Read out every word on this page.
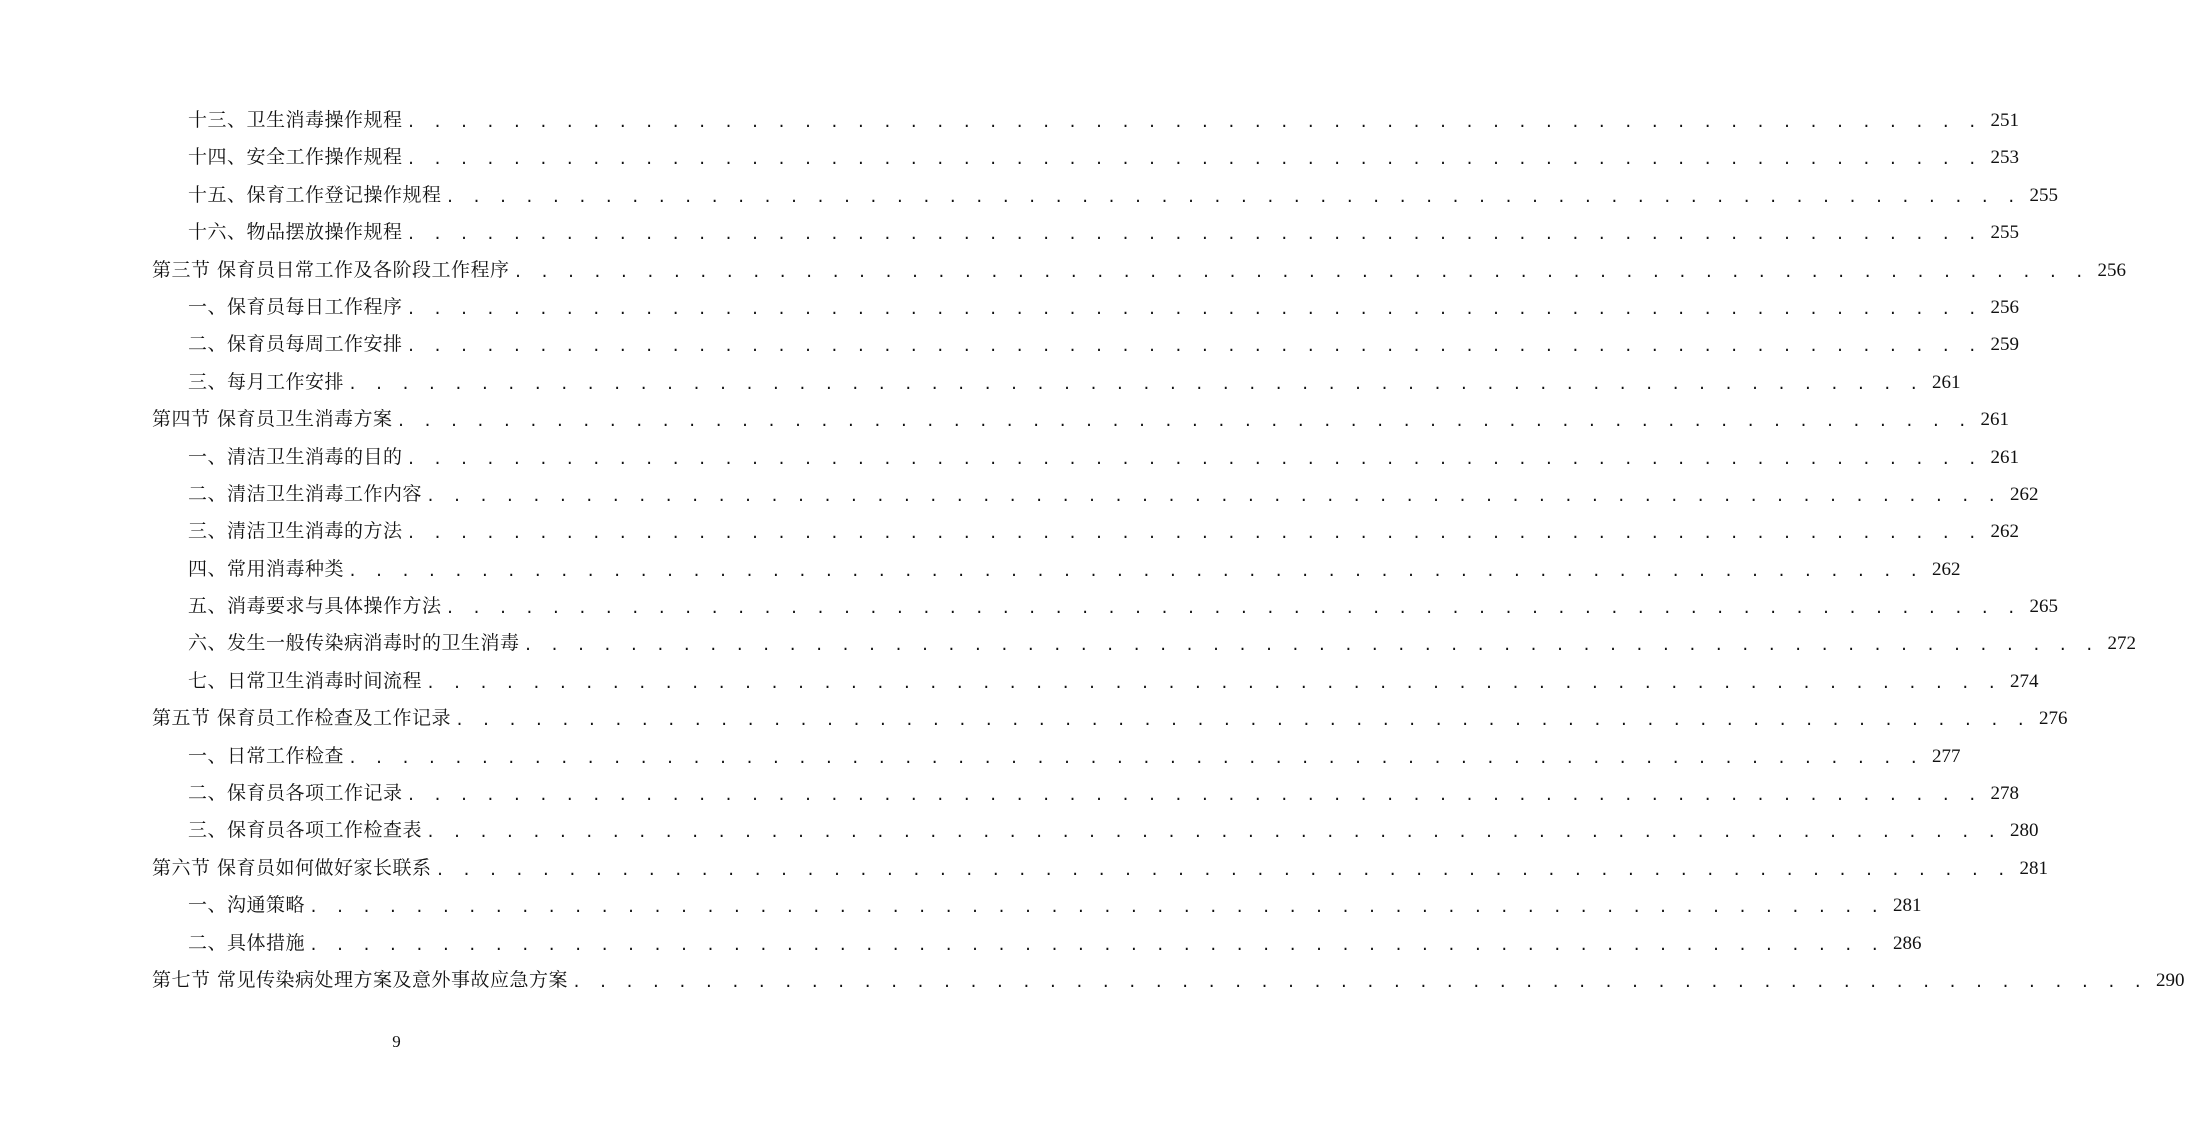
十三、卫生消毒操作规程 . . . . . . . . . . . . . . . . . . . . . . . . . . . . . . . . . . . . . . . . . . . . . . . . . . . . . . . . . . . . 251
十四、安全工作操作规程 . . . . . . . . . . . . . . . . . . . . . . . . . . . . . . . . . . . . . . . . . . . . . . . . . . . . . . . . . . . . 253
十五、保育工作登记操作规程 . . . . . . . . . . . . . . . . . . . . . . . . . . . . . . . . . . . . . . . . . . . . . . . . . . . . . . . . . . . . 255
十六、物品摆放操作规程 . . . . . . . . . . . . . . . . . . . . . . . . . . . . . . . . . . . . . . . . . . . . . . . . . . . . . . . . . . . . 255
第三节 保育员日常工作及各阶段工作程序 . . . . . . . . . . . . . . . . . . . . . . . . . . . . . . . . . . . . . . . . . . . . . . . . . . . . . . . . . . . . 256
一、保育员每日工作程序 . . . . . . . . . . . . . . . . . . . . . . . . . . . . . . . . . . . . . . . . . . . . . . . . . . . . . . . . . . . . 256
二、保育员每周工作安排 . . . . . . . . . . . . . . . . . . . . . . . . . . . . . . . . . . . . . . . . . . . . . . . . . . . . . . . . . . . . 259
三、每月工作安排 . . . . . . . . . . . . . . . . . . . . . . . . . . . . . . . . . . . . . . . . . . . . . . . . . . . . . . . . . . . . 261
第四节 保育员卫生消毒方案 . . . . . . . . . . . . . . . . . . . . . . . . . . . . . . . . . . . . . . . . . . . . . . . . . . . . . . . . . . . . 261
一、清洁卫生消毒的目的 . . . . . . . . . . . . . . . . . . . . . . . . . . . . . . . . . . . . . . . . . . . . . . . . . . . . . . . . . . . . 261
二、清洁卫生消毒工作内容 . . . . . . . . . . . . . . . . . . . . . . . . . . . . . . . . . . . . . . . . . . . . . . . . . . . . . . . . . . . . 262
三、清洁卫生消毒的方法 . . . . . . . . . . . . . . . . . . . . . . . . . . . . . . . . . . . . . . . . . . . . . . . . . . . . . . . . . . . . 262
四、常用消毒种类 . . . . . . . . . . . . . . . . . . . . . . . . . . . . . . . . . . . . . . . . . . . . . . . . . . . . . . . . . . . . 262
五、消毒要求与具体操作方法 . . . . . . . . . . . . . . . . . . . . . . . . . . . . . . . . . . . . . . . . . . . . . . . . . . . . . . . . . . . . 265
六、发生一般传染病消毒时的卫生消毒 . . . . . . . . . . . . . . . . . . . . . . . . . . . . . . . . . . . . . . . . . . . . . . . . . . . . . . . . . . . . 272
七、日常卫生消毒时间流程 . . . . . . . . . . . . . . . . . . . . . . . . . . . . . . . . . . . . . . . . . . . . . . . . . . . . . . . . . . . . 274
第五节 保育员工作检查及工作记录 . . . . . . . . . . . . . . . . . . . . . . . . . . . . . . . . . . . . . . . . . . . . . . . . . . . . . . . . . . . . 276
一、日常工作检查 . . . . . . . . . . . . . . . . . . . . . . . . . . . . . . . . . . . . . . . . . . . . . . . . . . . . . . . . . . . . 277
二、保育员各项工作记录 . . . . . . . . . . . . . . . . . . . . . . . . . . . . . . . . . . . . . . . . . . . . . . . . . . . . . . . . . . . . 278
三、保育员各项工作检查表 . . . . . . . . . . . . . . . . . . . . . . . . . . . . . . . . . . . . . . . . . . . . . . . . . . . . . . . . . . . . 280
第六节 保育员如何做好家长联系 . . . . . . . . . . . . . . . . . . . . . . . . . . . . . . . . . . . . . . . . . . . . . . . . . . . . . . . . . . . . 281
一、沟通策略 . . . . . . . . . . . . . . . . . . . . . . . . . . . . . . . . . . . . . . . . . . . . . . . . . . . . . . . . . . . . 281
二、具体措施 . . . . . . . . . . . . . . . . . . . . . . . . . . . . . . . . . . . . . . . . . . . . . . . . . . . . . . . . . . . . 286
第七节 常见传染病处理方案及意外事故应急方案 . . . . . . . . . . . . . . . . . . . . . . . . . . . . . . . . . . . . . . . . . . . . . . . . . . . . . . . . . . . . 290
9
